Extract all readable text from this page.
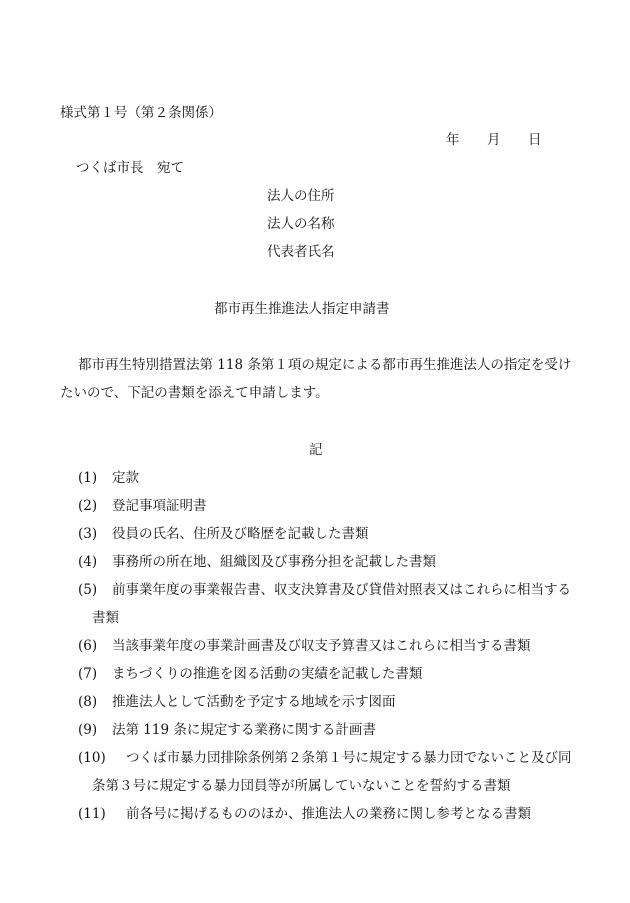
様式第１号（第２条関係）
年 月 日
つくば市長　宛て
法人の住所
法人の名称
代表者氏名
都市再生推進法人指定申請書
都市再生特別措置法第 118 条第１項の規定による都市再生推進法人の指定を受け
たいので、下記の書類を添えて申請します。
記
(1) 定款
(2) 登記事項証明書
(3) 役員の氏名、住所及び略歴を記載した書類
(4) 事務所の所在地、組織図及び事務分担を記載した書類
(5) 前事業年度の事業報告書、収支決算書及び貸借対照表又はこれらに相当する
書類
(6) 当該事業年度の事業計画書及び収支予算書又はこれらに相当する書類
(7) まちづくりの推進を図る活動の実績を記載した書類
(8) 推進法人として活動を予定する地域を示す図面
(9) 法第 119 条に規定する業務に関する計画書
(10) つくば市暴力団排除条例第２条第１号に規定する暴力団でないこと及び同
条第３号に規定する暴力団員等が所属していないことを誓約する書類
(11) 前各号に掲げるもののほか、推進法人の業務に関し参考となる書類
